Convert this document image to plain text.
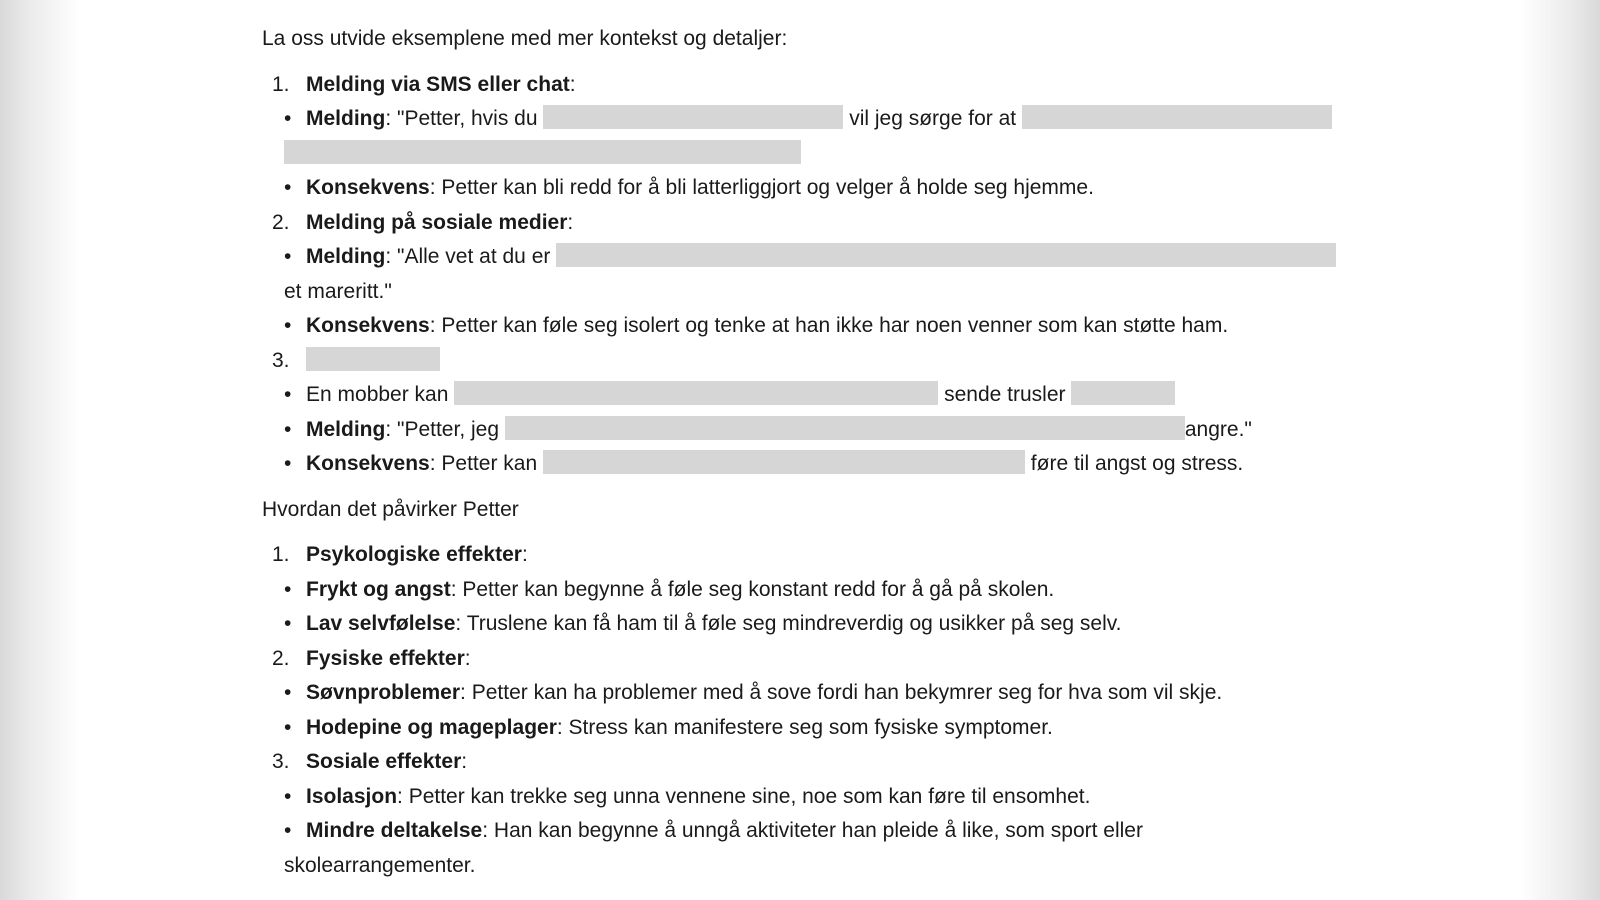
La oss utvide eksemplene med mer kontekst og detaljer:

1. Melding via SMS eller chat:

•Melding: "Petter, hvis du	vil jeg sørge for at

•Konsekvens: Petter kan bli redd for å bli latterliggjort og velger å holde seg hjemme.

2. Melding på sosiale medier:

•Melding: "Alle vet at du er

et mareritt."

•Konsekvens: Petter kan føle seg isolert og tenke at han ikke har noen venner som kan støtte ham.

3.

•En mobber kan	sende trusler

•Melding: "Petter, jeg	angre."

•Konsekvens: Petter kan	føre til angst og stress.

Hvordan det påvirker Petter

1. Psykologiske effekter:

•Frykt og angst: Petter kan begynne å føle seg konstant redd for å gå på skolen.

•Lav selvfølelse: Truslene kan få ham til å føle seg mindreverdig og usikker på seg selv.

2. Fysiske effekter:

•Søvnproblemer: Petter kan ha problemer med å sove fordi han bekymrer seg for hva som vil skje.

•Hodepine og mageplager: Stress kan manifestere seg som fysiske symptomer.

3. Sosiale effekter:

•Isolasjon: Petter kan trekke seg unna vennene sine, noe som kan føre til ensomhet.

•Mindre deltakelse: Han kan begynne å unngå aktiviteter han pleide å like, som sport eller

skolearrangementer.
